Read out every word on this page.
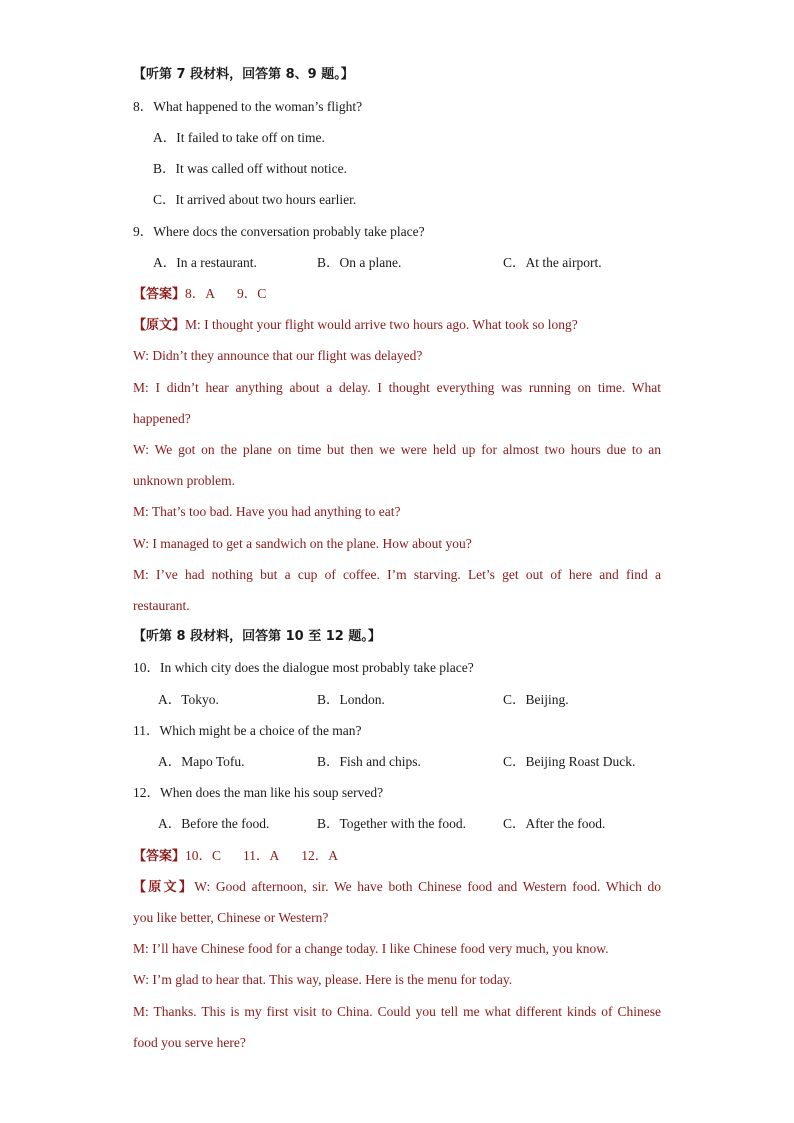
【听第 7 段材料，回答第 8、9 题。】
8．What happened to the woman’s flight?
A．It failed to take off on time.
B．It was called off without notice.
C．It arrived about two hours earlier.
9．Where docs the conversation probably take place?
A．In a restaurant.	B．On a plane.	C．At the airport.
【答案】8．A 9．C
【原文】M: I thought your flight would arrive two hours ago. What took so long?
W: Didn’t they announce that our flight was delayed?
M: I didn’t hear anything about a delay. I thought everything was running on time. What
happened?
W: We got on the plane on time but then we were held up for almost two hours due to an
unknown problem.
M: That’s too bad. Have you had anything to eat?
W: I managed to get a sandwich on the plane. How about you?
M: I’ve had nothing but a cup of coffee. I’m starving. Let’s get out of here and find a
restaurant.
【听第 8 段材料，回答第 10 至 12 题。】
10．In which city does the dialogue most probably take place?
A．Tokyo.	B．London.	C．Beijing.
11．Which might be a choice of the man?
A．Mapo Tofu.	B．Fish and chips.	C．Beijing Roast Duck.
12．When does the man like his soup served?
A．Before the food.	B．Together with the food.	C．After the food.
【答案】10．C 11．A 12．A
【原文】W: Good afternoon, sir. We have both Chinese food and Western food. Which do
you like better, Chinese or Western?
M: I’ll have Chinese food for a change today. I like Chinese food very much, you know.
W: I’m glad to hear that. This way, please. Here is the menu for today.
M: Thanks. This is my first visit to China. Could you tell me what different kinds of Chinese
food you serve here?
